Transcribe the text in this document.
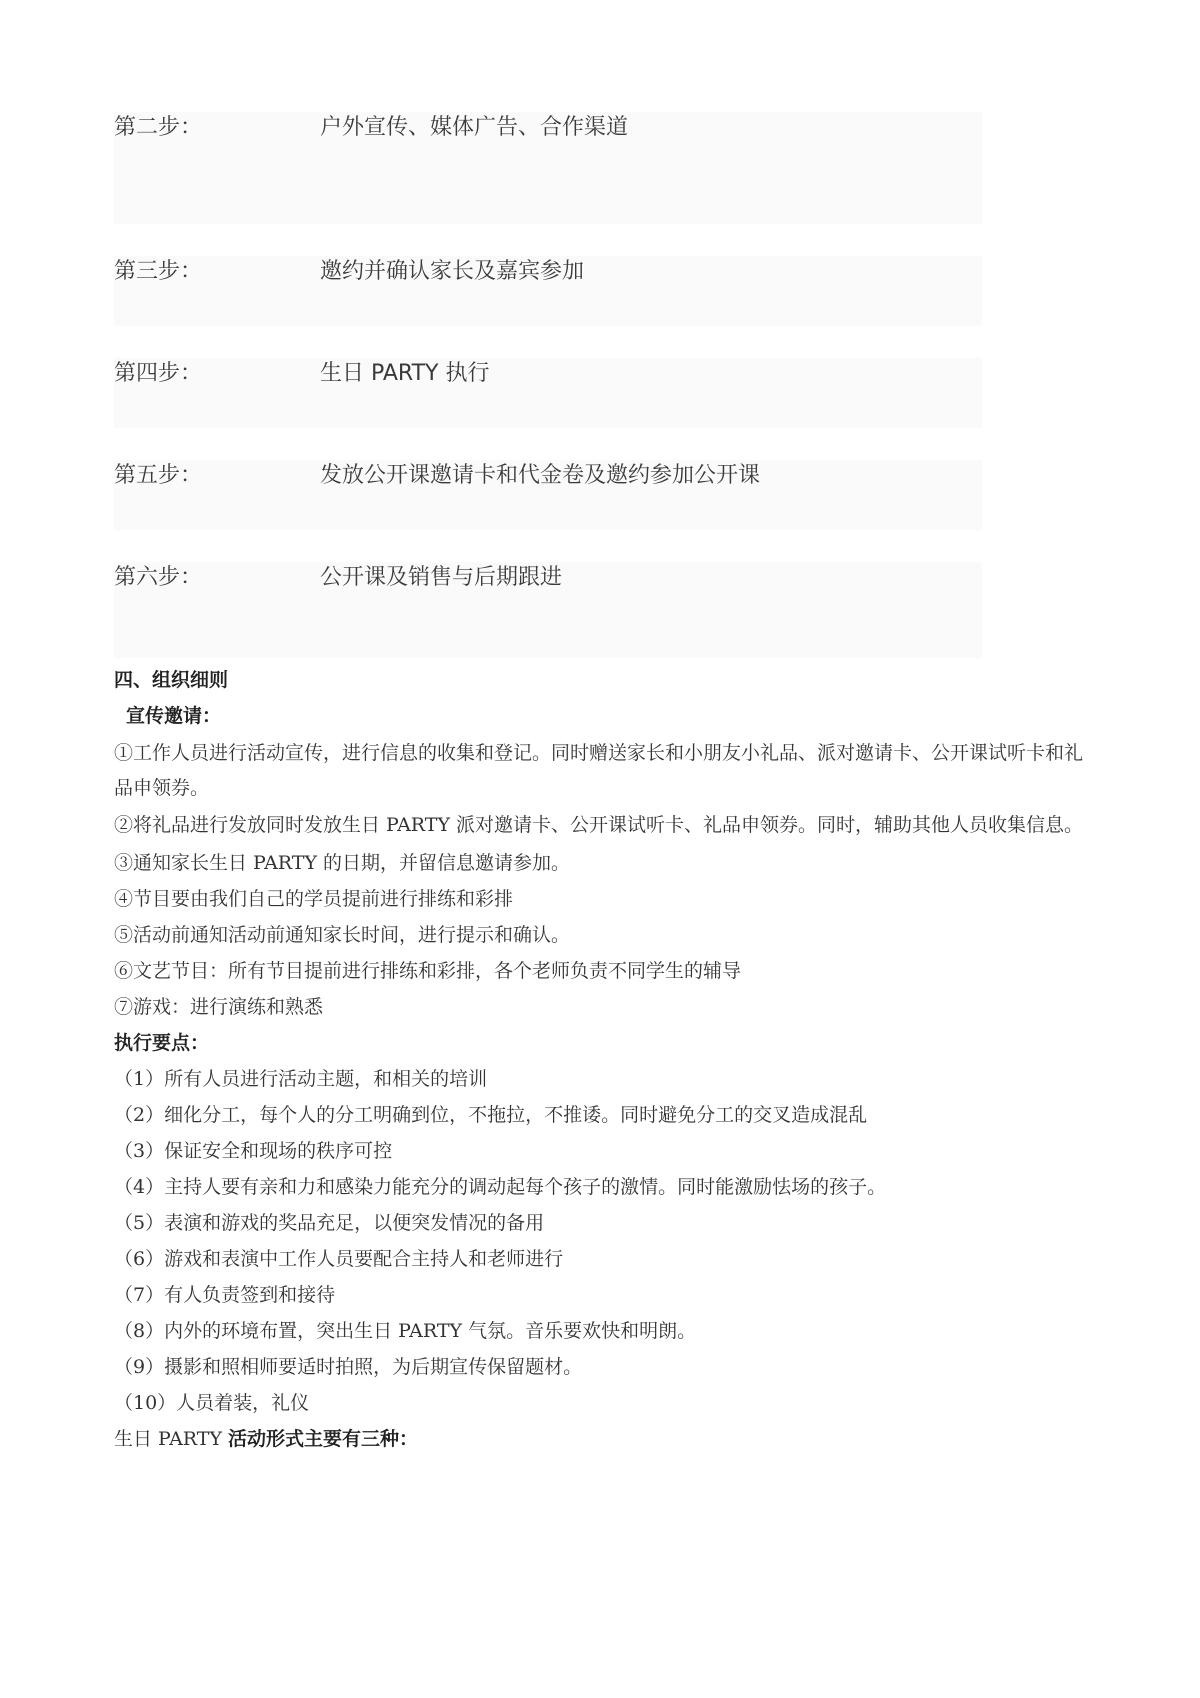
第二步：	户外宣传、媒体广告、合作渠道
第三步：	邀约并确认家长及嘉宾参加
第四步：	生日 PARTY 执行
第五步：	发放公开课邀请卡和代金卷及邀约参加公开课
第六步：	公开课及销售与后期跟进
四、组织细则
宣传邀请：
①工作人员进行活动宣传，进行信息的收集和登记。同时赠送家长和小朋友小礼品、派对邀请卡、公开课试听卡和礼品申领券。
②将礼品进行发放同时发放生日 PARTY 派对邀请卡、公开课试听卡、礼品申领券。同时，辅助其他人员收集信息。
③通知家长生日 PARTY 的日期，并留信息邀请参加。
④节目要由我们自己的学员提前进行排练和彩排
⑤活动前通知活动前通知家长时间，进行提示和确认。
⑥文艺节目：所有节目提前进行排练和彩排，各个老师负责不同学生的辅导
⑦游戏：进行演练和熟悉
执行要点：
（1）所有人员进行活动主题，和相关的培训
（2）细化分工，每个人的分工明确到位，不拖拉，不推诿。同时避免分工的交叉造成混乱
（3）保证安全和现场的秩序可控
（4）主持人要有亲和力和感染力能充分的调动起每个孩子的激情。同时能激励怯场的孩子。
（5）表演和游戏的奖品充足，以便突发情况的备用
（6）游戏和表演中工作人员要配合主持人和老师进行
（7）有人负责签到和接待
（8）内外的环境布置，突出生日 PARTY 气氛。音乐要欢快和明朗。
（9）摄影和照相师要适时拍照，为后期宣传保留题材。
（10）人员着装，礼仪
生日 PARTY 活动形式主要有三种：
